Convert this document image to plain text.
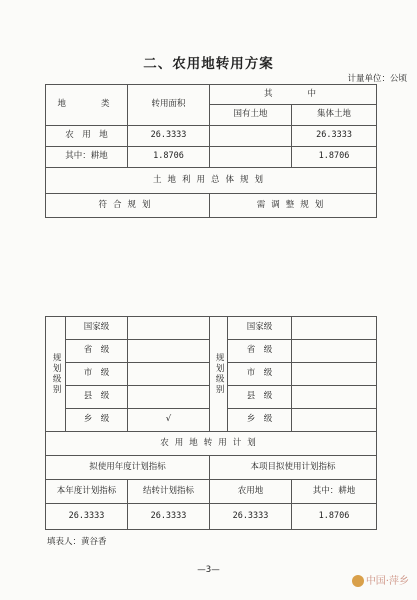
二、农用地转用方案
计量单位：公顷
地　　类	转用面积	其　　中
国有土地	集体土地
农　用　地	26.3333		26.3333
其中：耕地	1.8706		1.8706
土地利用总体规划
符合规划	需调整规划
规划级别	国家级		规划级别	国家级	
	省　级			省　级	
	市　级			市　级	
	县　级			县　级	
	乡　级	√		乡　级	
农用地转用计划			
拟使用年度计划指标		本项目拟使用计划指标	
本年度计划指标	结转计划指标	农用地	其中：耕地
26.3333	26.3333	26.3333	1.8706
填表人：黄谷香
—3—
中国·萍乡
